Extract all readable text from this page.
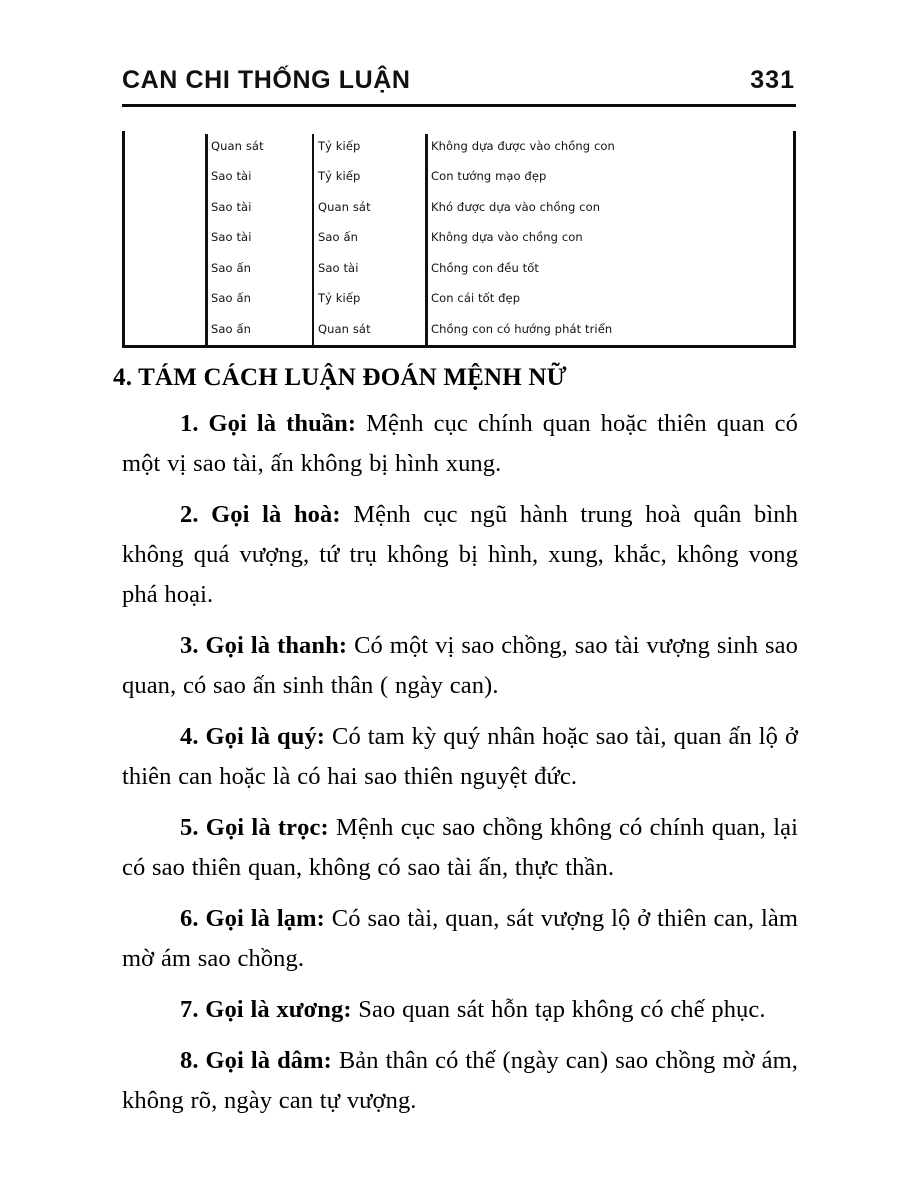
CAN CHI THỐNG LUẬN	331
Quan sát	Tỷ kiếp	Không dựa được vào chồng con
Sao tài	Tỷ kiếp	Con tướng mạo đẹp
Sao tài	Quan sát	Khó được dựa vào chồng con
Sao tài	Sao ấn	Không dựa vào chồng con
Sao ấn	Sao tài	Chồng con đều tốt
Sao ấn	Tỷ kiếp	Con cái tốt đẹp
Sao ấn	Quan sát	Chồng con có hướng phát triển
4. TÁM CÁCH LUẬN ĐOÁN MỆNH NỮ

1. Gọi là thuần: Mệnh cục chính quan hoặc thiên quan có một vị sao tài, ấn không bị hình xung.

2. Gọi là hoà: Mệnh cục ngũ hành trung hoà quân bình không quá vượng, tứ trụ không bị hình, xung, khắc, không vong phá hoại.

3. Gọi là thanh: Có một vị sao chồng, sao tài vượng sinh sao quan, có sao ấn sinh thân ( ngày can).

4. Gọi là quý: Có tam kỳ quý nhân hoặc sao tài, quan ấn lộ ở thiên can hoặc là có hai sao thiên nguyệt đức.

5. Gọi là trọc: Mệnh cục sao chồng không có chính quan, lại có sao thiên quan, không có sao tài ấn, thực thần.

6. Gọi là lạm: Có sao tài, quan, sát vượng lộ ở thiên can, làm mờ ám sao chồng.

7. Gọi là xương: Sao quan sát hỗn tạp không có chế phục.

8. Gọi là dâm: Bản thân có thế (ngày can) sao chồng mờ ám, không rõ, ngày can tự vượng.
